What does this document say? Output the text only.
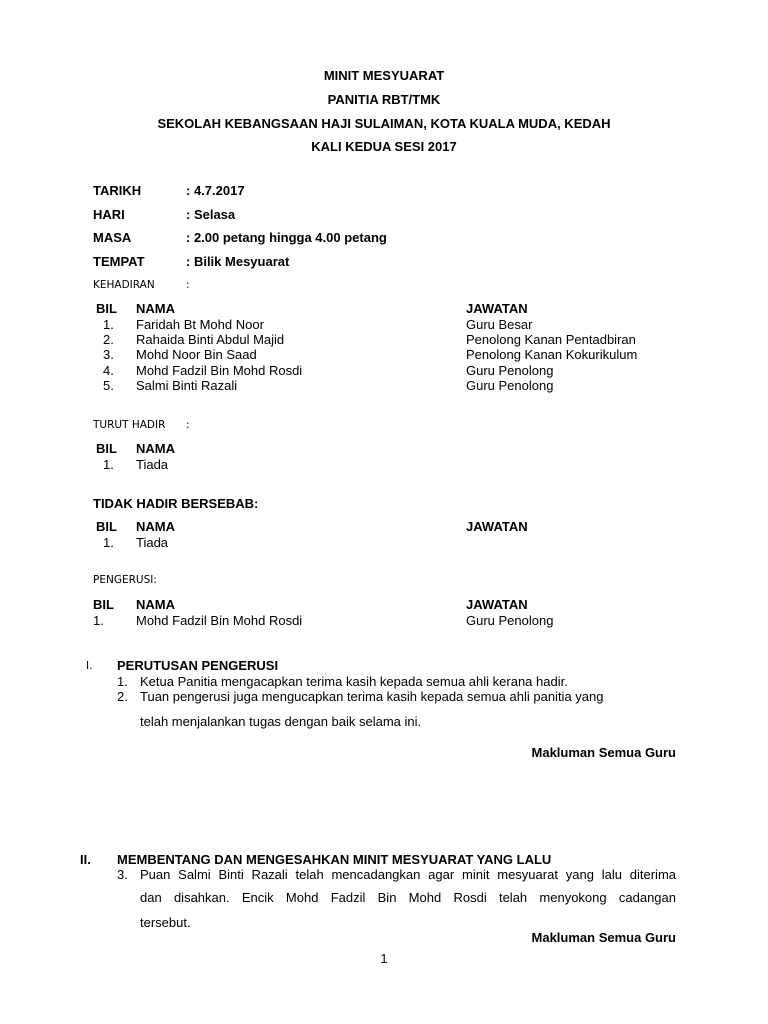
MINIT MESYUARAT
PANITIA RBT/TMK
SEKOLAH KEBANGSAAN HAJI SULAIMAN, KOTA KUALA MUDA, KEDAH
KALI KEDUA SESI 2017
TARIKH	: 4.7.2017
HARI	: Selasa
MASA	: 2.00 petang hingga 4.00 petang
TEMPAT	: Bilik Mesyuarat
KEHADIRAN	:
BIL NAMA	JAWATAN
1. Faridah Bt Mohd Noor	Guru Besar
2. Rahaida Binti Abdul Majid	Penolong Kanan Pentadbiran
3. Mohd Noor Bin Saad	Penolong Kanan Kokurikulum
4. Mohd Fadzil Bin Mohd Rosdi	Guru Penolong
5. Salmi Binti Razali	Guru Penolong
TURUT HADIR :
BIL NAMA
1. Tiada
TIDAK HADIR BERSEBAB:
BIL NAMA	JAWATAN
1. Tiada
PENGERUSI:
BIL NAMA	JAWATAN
1. Mohd Fadzil Bin Mohd Rosdi	Guru Penolong
I. PERUTUSAN PENGERUSI
1. Ketua Panitia mengacapkan terima kasih kepada semua ahli kerana hadir.
2. Tuan pengerusi juga mengucapkan terima kasih kepada semua ahli panitia yang
telah menjalankan tugas dengan baik selama ini.
Makluman Semua Guru
II. MEMBENTANG DAN MENGESAHKAN MINIT MESYUARAT YANG LALU
3. Puan Salmi Binti Razali telah mencadangkan agar minit mesyuarat yang lalu diterima
dan disahkan. Encik Mohd Fadzil Bin Mohd Rosdi telah menyokong cadangan
tersebut.
Makluman Semua Guru
1
